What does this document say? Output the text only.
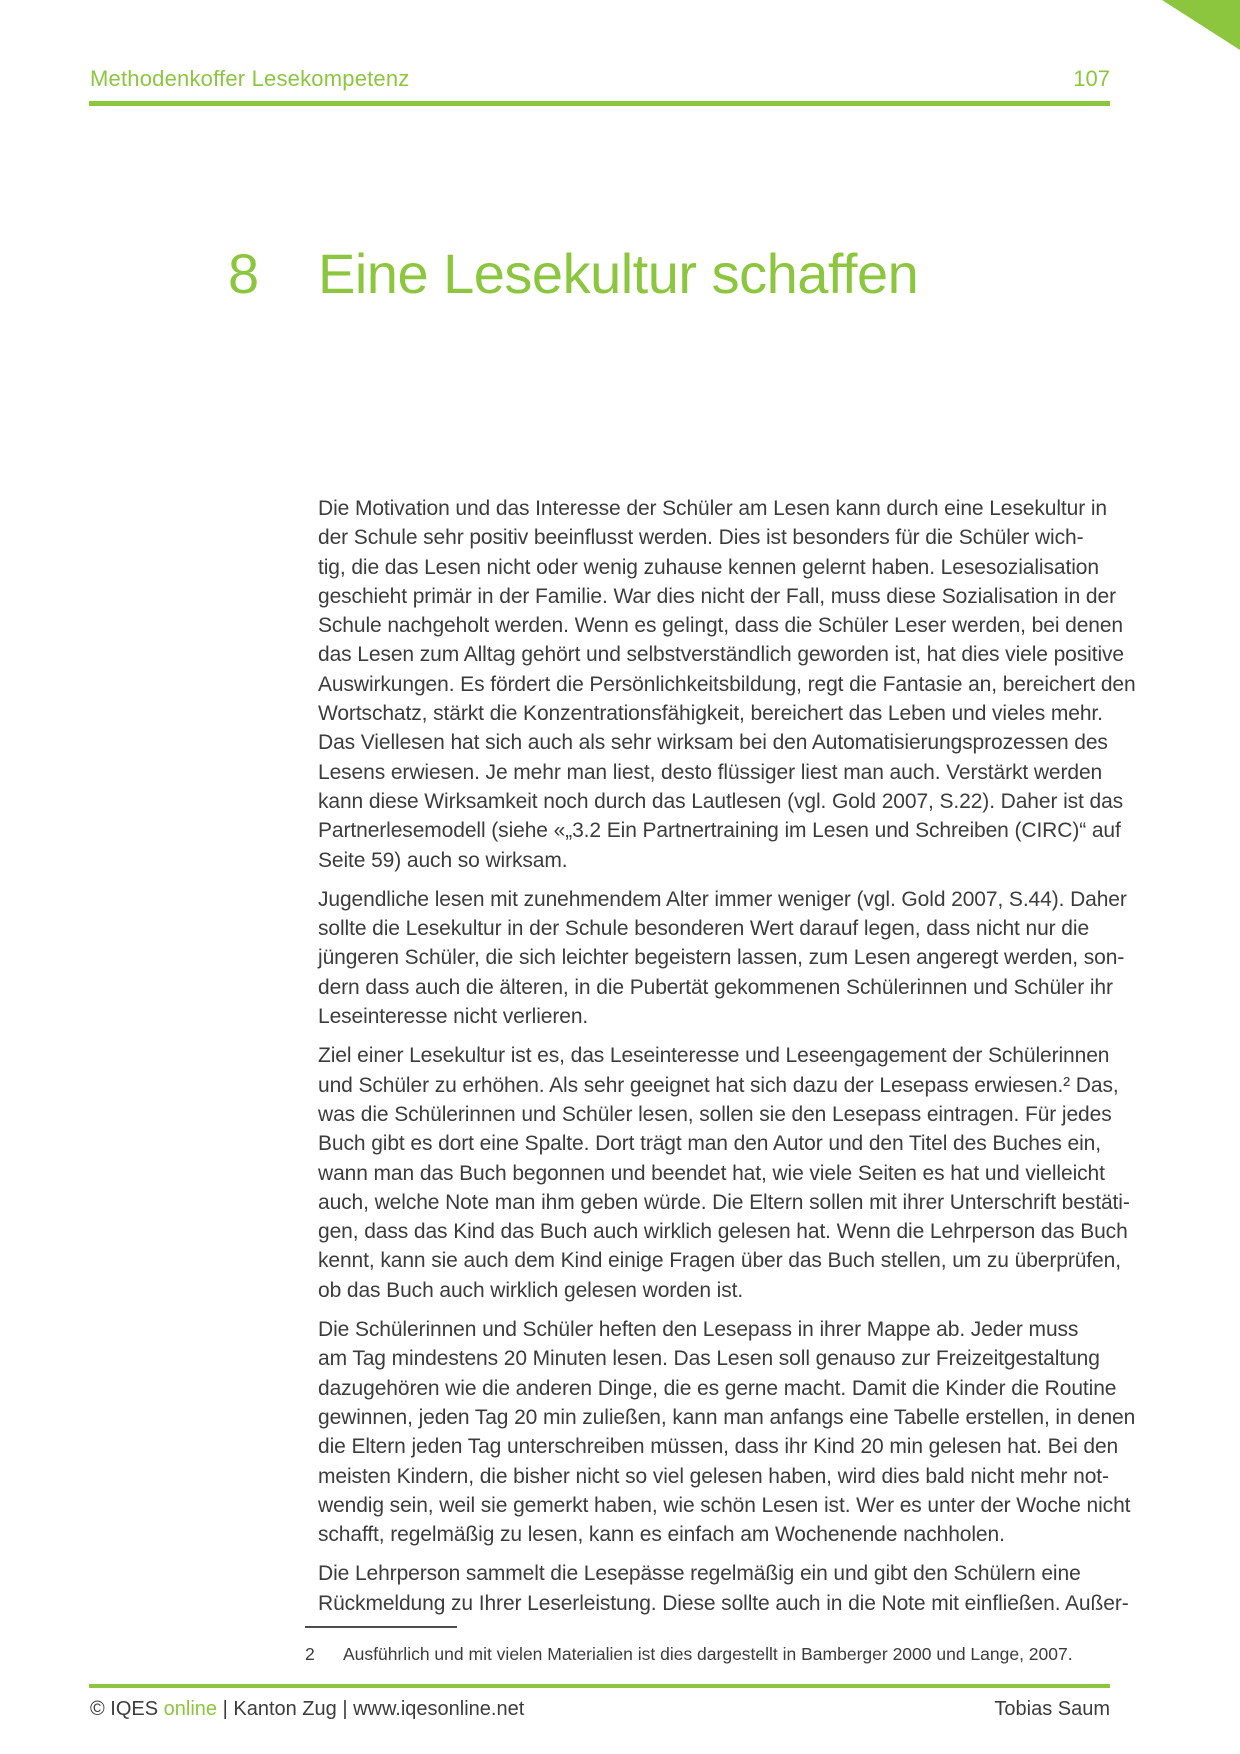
Methodenkoffer Lesekompetenz	107
8 Eine Lesekultur schaffen

Die Motivation und das Interesse der Schüler am Lesen kann durch eine Lesekultur in
der Schule sehr positiv beeinflusst werden. Dies ist besonders für die Schüler wich-
tig, die das Lesen nicht oder wenig zuhause kennen gelernt haben. Lesesozialisation
geschieht primär in der Familie. War dies nicht der Fall, muss diese Sozialisation in der
Schule nachgeholt werden. Wenn es gelingt, dass die Schüler Leser werden, bei denen
das Lesen zum Alltag gehört und selbstverständlich geworden ist, hat dies viele positive
Auswirkungen. Es fördert die Persönlichkeitsbildung, regt die Fantasie an, bereichert den
Wortschatz, stärkt die Konzentrationsfähigkeit, bereichert das Leben und vieles mehr.
Das Viellesen hat sich auch als sehr wirksam bei den Automatisierungsprozessen des
Lesens erwiesen. Je mehr man liest, desto flüssiger liest man auch. Verstärkt werden
kann diese Wirksamkeit noch durch das Lautlesen (vgl. Gold 2007, S.22). Daher ist das
Partnerlesemodell (siehe «„3.2 Ein Partnertraining im Lesen und Schreiben (CIRC)“ auf
Seite 59) auch so wirksam.

Jugendliche lesen mit zunehmendem Alter immer weniger (vgl. Gold 2007, S.44). Daher
sollte die Lesekultur in der Schule besonderen Wert darauf legen, dass nicht nur die
jüngeren Schüler, die sich leichter begeistern lassen, zum Lesen angeregt werden, son-
dern dass auch die älteren, in die Pubertät gekommenen Schülerinnen und Schüler ihr
Leseinteresse nicht verlieren.

Ziel einer Lesekultur ist es, das Leseinteresse und Leseengagement der Schülerinnen
und Schüler zu erhöhen. Als sehr geeignet hat sich dazu der Lesepass erwiesen.² Das,
was die Schülerinnen und Schüler lesen, sollen sie den Lesepass eintragen. Für jedes
Buch gibt es dort eine Spalte. Dort trägt man den Autor und den Titel des Buches ein,
wann man das Buch begonnen und beendet hat, wie viele Seiten es hat und vielleicht
auch, welche Note man ihm geben würde. Die Eltern sollen mit ihrer Unterschrift bestäti-
gen, dass das Kind das Buch auch wirklich gelesen hat. Wenn die Lehrperson das Buch
kennt, kann sie auch dem Kind einige Fragen über das Buch stellen, um zu überprüfen,
ob das Buch auch wirklich gelesen worden ist.

Die Schülerinnen und Schüler heften den Lesepass in ihrer Mappe ab. Jeder muss
am Tag mindestens 20 Minuten lesen. Das Lesen soll genauso zur Freizeitgestaltung
dazugehören wie die anderen Dinge, die es gerne macht. Damit die Kinder die Routine
gewinnen, jeden Tag 20 min zuließen, kann man anfangs eine Tabelle erstellen, in denen
die Eltern jeden Tag unterschreiben müssen, dass ihr Kind 20 min gelesen hat. Bei den
meisten Kindern, die bisher nicht so viel gelesen haben, wird dies bald nicht mehr not-
wendig sein, weil sie gemerkt haben, wie schön Lesen ist. Wer es unter der Woche nicht
schafft, regelmäßig zu lesen, kann es einfach am Wochenende nachholen.

Die Lehrperson sammelt die Lesepässe regelmäßig ein und gibt den Schülern eine
Rückmeldung zu Ihrer Leserleistung. Diese sollte auch in die Note mit einfließen. Außer-

2 Ausführlich und mit vielen Materialien ist dies dargestellt in Bamberger 2000 und Lange, 2007.
© IQES online | Kanton Zug | www.iqesonline.net	Tobias Saum
